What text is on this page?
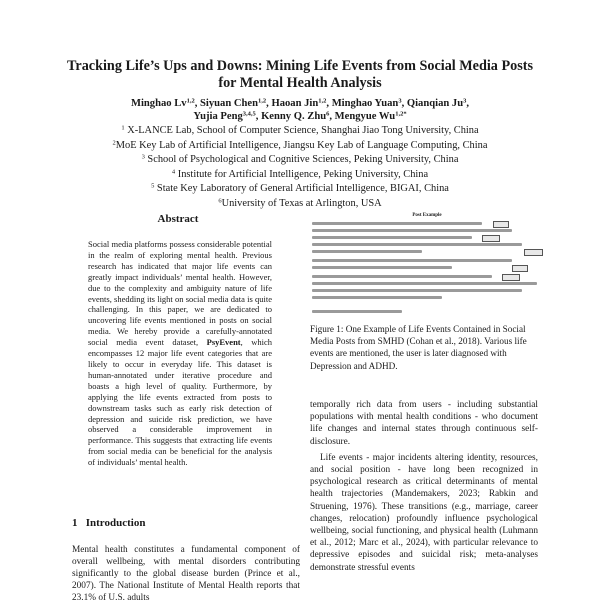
Tracking Life’s Ups and Downs: Mining Life Events from Social Media Posts for Mental Health Analysis
Minghao Lv$^{1,2}$, Siyuan Chen$^{1,2}$, Haoan Jin$^{1,2}$, Minghao Yuan$^3$, Qianqian Ju$^3$,
Yujia Peng$^{3,4,5}$, Kenny Q. Zhu$^6$, Mengyue $Wu^{1,2*}$
$^1$ X-LANCE Lab, School of Computer Science, Shanghai Jiao Tong University, China
$^2$MoE Key Lab of Artificial Intelligence, Jiangsu Key Lab of Language Computing, China
$^3$ School of Psychological and Cognitive Sciences, Peking University, China
$^4$ Institute for Artificial Intelligence, Peking University, China
$^5$ State Key Laboratory of General Artificial Intelligence, BIGAI, China
$^6$University of Texas at Arlington, USA
Abstract
Social media platforms possess considerable potential in the realm of exploring mental health. Previous research has indicated that major life events can greatly impact individuals’ mental health. However, due to the complexity and ambiguity nature of life events, shedding its light on social media data is quite challenging. In this paper, we are dedicated to uncovering life events mentioned in posts on social media. We hereby provide a carefully-annotated social media event dataset, PsyEvent, which encompasses 12 major life event categories that are likely to occur in everyday life. This dataset is human-annotated under iterative procedure and boasts a high level of quality. Furthermore, by applying the life events extracted from posts to downstream tasks such as early risk detection of depression and suicide risk prediction, we have observed a considerable improvement in performance. This suggests that extracting life events from social media can be beneficial for the analysis of individuals’ mental health.
1 Introduction
Mental health constitutes a fundamental component of overall wellbeing, with mental disorders contributing significantly to the global disease burden (Prince et al., 2007). The National Institute of Mental Health reports that 23.1% of U.S. adults
Post Example
Figure 1: One Example of Life Events Contained in Social Media Posts from SMHD (Cohan et al., 2018). Various life events are mentioned, the user is later diagnosed with Depression and ADHD.

temporally rich data from users - including substantial populations with mental health conditions - who document life changes and internal states through continuous self-disclosure.

Life events - major incidents altering identity, resources, and social position - have long been recognized in psychological research as critical determinants of mental health trajectories (Mandemakers, 2023; Rabkin and Struening, 1976). These transitions (e.g., marriage, career changes, relocation) profoundly influence psychological wellbeing, social functioning, and physical health (Luhmann et al., 2012; Marc et al., 2024), with particular relevance to depressive episodes and suicidal risk; meta-analyses demonstrate stressful events
